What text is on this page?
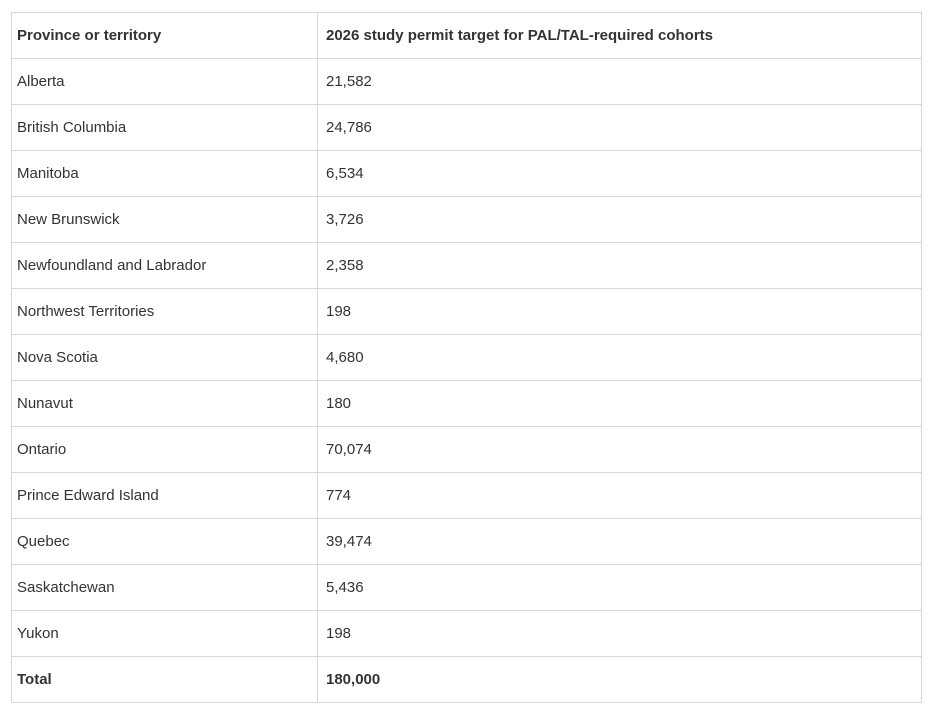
Province or territory	2026 study permit target for PAL/TAL-required cohorts
Alberta	21,582
British Columbia	24,786
Manitoba	6,534
New Brunswick	3,726
Newfoundland and Labrador	2,358
Northwest Territories	198
Nova Scotia	4,680
Nunavut	180
Ontario	70,074
Prince Edward Island	774
Quebec	39,474
Saskatchewan	5,436
Yukon	198
Total	180,000
